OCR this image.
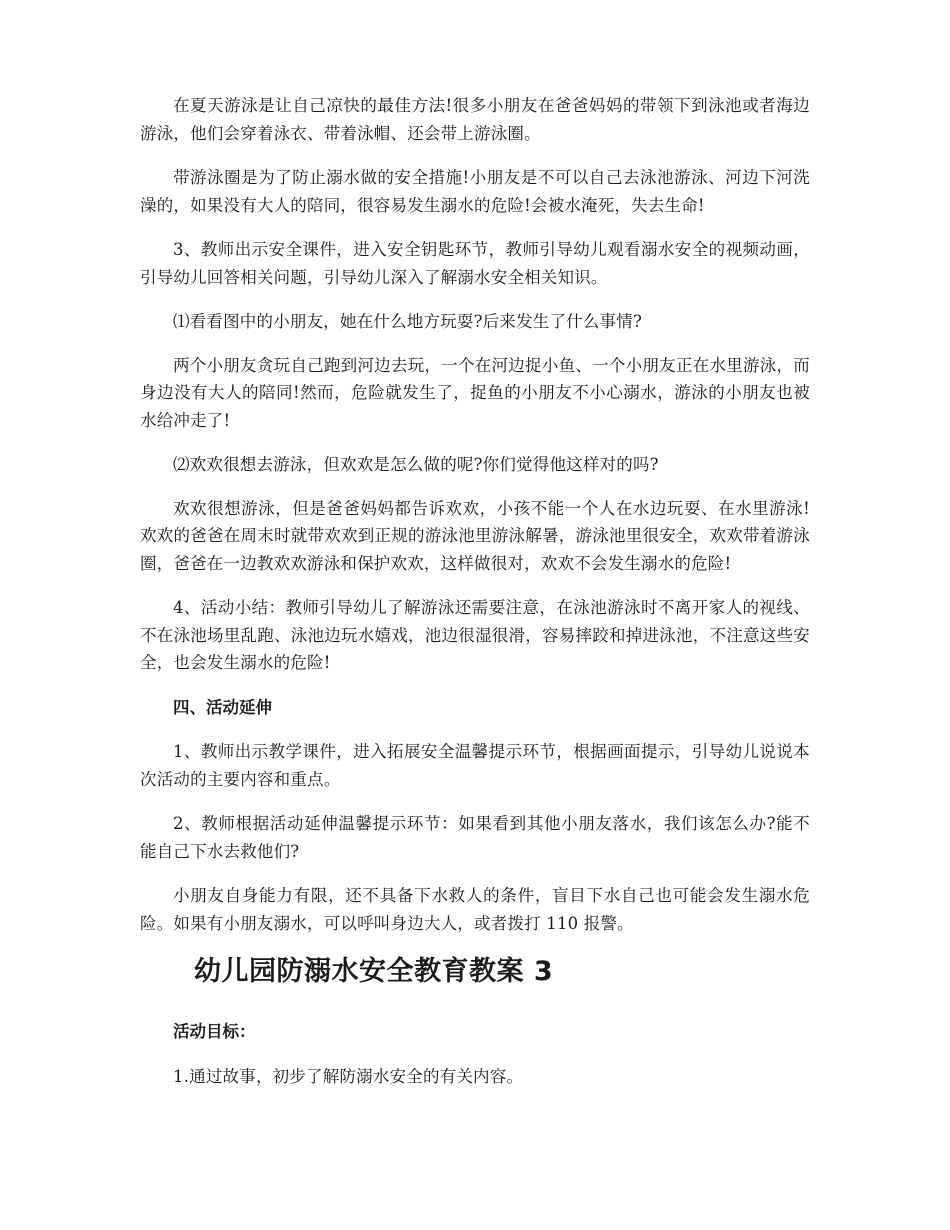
在夏天游泳是让自己凉快的最佳方法!很多小朋友在爸爸妈妈的带领下到泳池或者海边游泳，他们会穿着泳衣、带着泳帽、还会带上游泳圈。

带游泳圈是为了防止溺水做的安全措施!小朋友是不可以自己去泳池游泳、河边下河洗澡的，如果没有大人的陪同，很容易发生溺水的危险!会被水淹死，失去生命!

3、教师出示安全课件，进入安全钥匙环节，教师引导幼儿观看溺水安全的视频动画，引导幼儿回答相关问题，引导幼儿深入了解溺水安全相关知识。

⑴看看图中的小朋友，她在什么地方玩耍?后来发生了什么事情?

两个小朋友贪玩自己跑到河边去玩，一个在河边捉小鱼、一个小朋友正在水里游泳，而身边没有大人的陪同!然而，危险就发生了，捉鱼的小朋友不小心溺水，游泳的小朋友也被水给冲走了!

⑵欢欢很想去游泳，但欢欢是怎么做的呢?你们觉得他这样对的吗?

欢欢很想游泳，但是爸爸妈妈都告诉欢欢，小孩不能一个人在水边玩耍、在水里游泳!欢欢的爸爸在周末时就带欢欢到正规的游泳池里游泳解暑，游泳池里很安全，欢欢带着游泳圈，爸爸在一边教欢欢游泳和保护欢欢，这样做很对，欢欢不会发生溺水的危险!

4、活动小结：教师引导幼儿了解游泳还需要注意，在泳池游泳时不离开家人的视线、不在泳池场里乱跑、泳池边玩水嬉戏，池边很湿很滑，容易摔跤和掉进泳池，不注意这些安全，也会发生溺水的危险!

四、活动延伸

1、教师出示教学课件，进入拓展安全温馨提示环节，根据画面提示，引导幼儿说说本次活动的主要内容和重点。

2、教师根据活动延伸温馨提示环节：如果看到其他小朋友落水，我们该怎么办?能不能自己下水去救他们?

小朋友自身能力有限，还不具备下水救人的条件，盲目下水自己也可能会发生溺水危险。如果有小朋友溺水，可以呼叫身边大人，或者拨打 110 报警。

幼儿园防溺水安全教育教案 3

活动目标：

1.通过故事，初步了解防溺水安全的有关内容。
